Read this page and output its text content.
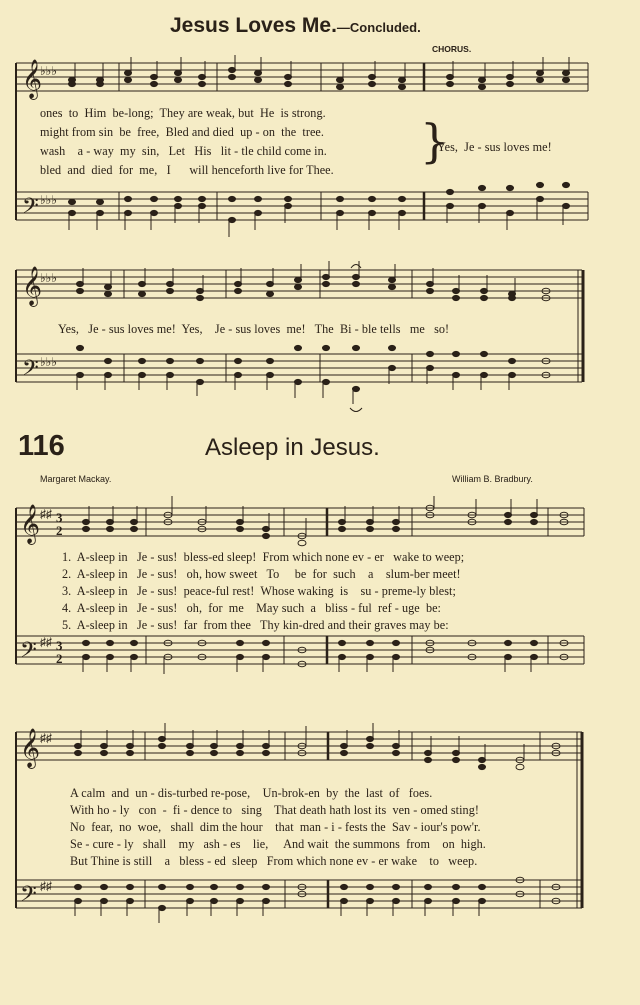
Jesus Loves Me.—Concluded.
CHORUS.
𝄞
𝄢
♭♭♭
♭♭♭
}
ones  to  Him  be-long;  They are weak, but  He  is strong.
might from sin  be  free,  Bled and died  up - on  the  tree.
wash    a - way  my  sin,   Let   His   lit - tle child come in.
bled  and  died  for  me,   I      will henceforth live for Thee.
Yes,  Je - sus loves me!
𝄞
𝄢
♭♭♭
♭♭♭
Yes,   Je - sus loves me!  Yes,    Je - sus loves  me!   The  Bi - ble tells   me   so!
116	Asleep in Jesus.
Margaret Mackay.	William B. Bradbury.
𝄞
𝄢
♯♯
♯♯
3
2
3
2
1.  A-sleep in   Je - sus!  bless-ed sleep!  From which none ev - er   wake to weep;
2.  A-sleep in   Je - sus!   oh, how sweet   To     be  for  such    a    slum-ber meet!
3.  A-sleep in   Je - sus!  peace-ful rest!  Whose waking  is    su - preme-ly blest;
4.  A-sleep in   Je - sus!   oh,  for  me    May such  a   bliss - ful  ref - uge  be:
5.  A-sleep in   Je - sus!  far  from thee   Thy kin-dred and their graves may be:
𝄞
𝄢
♯♯
♯♯
A calm  and  un - dis-turbed re-pose,    Un-brok-en  by  the  last  of   foes.
With ho - ly   con  -  fi - dence to   sing    That death hath lost its  ven - omed sting!
No  fear,  no  woe,   shall  dim the hour    that  man - i - fests the  Sav - iour's pow'r.
Se - cure - ly   shall    my   ash - es    lie,     And wait  the summons  from    on  high.
But Thine is still    a   bless - ed  sleep   From which none ev - er wake    to   weep.
